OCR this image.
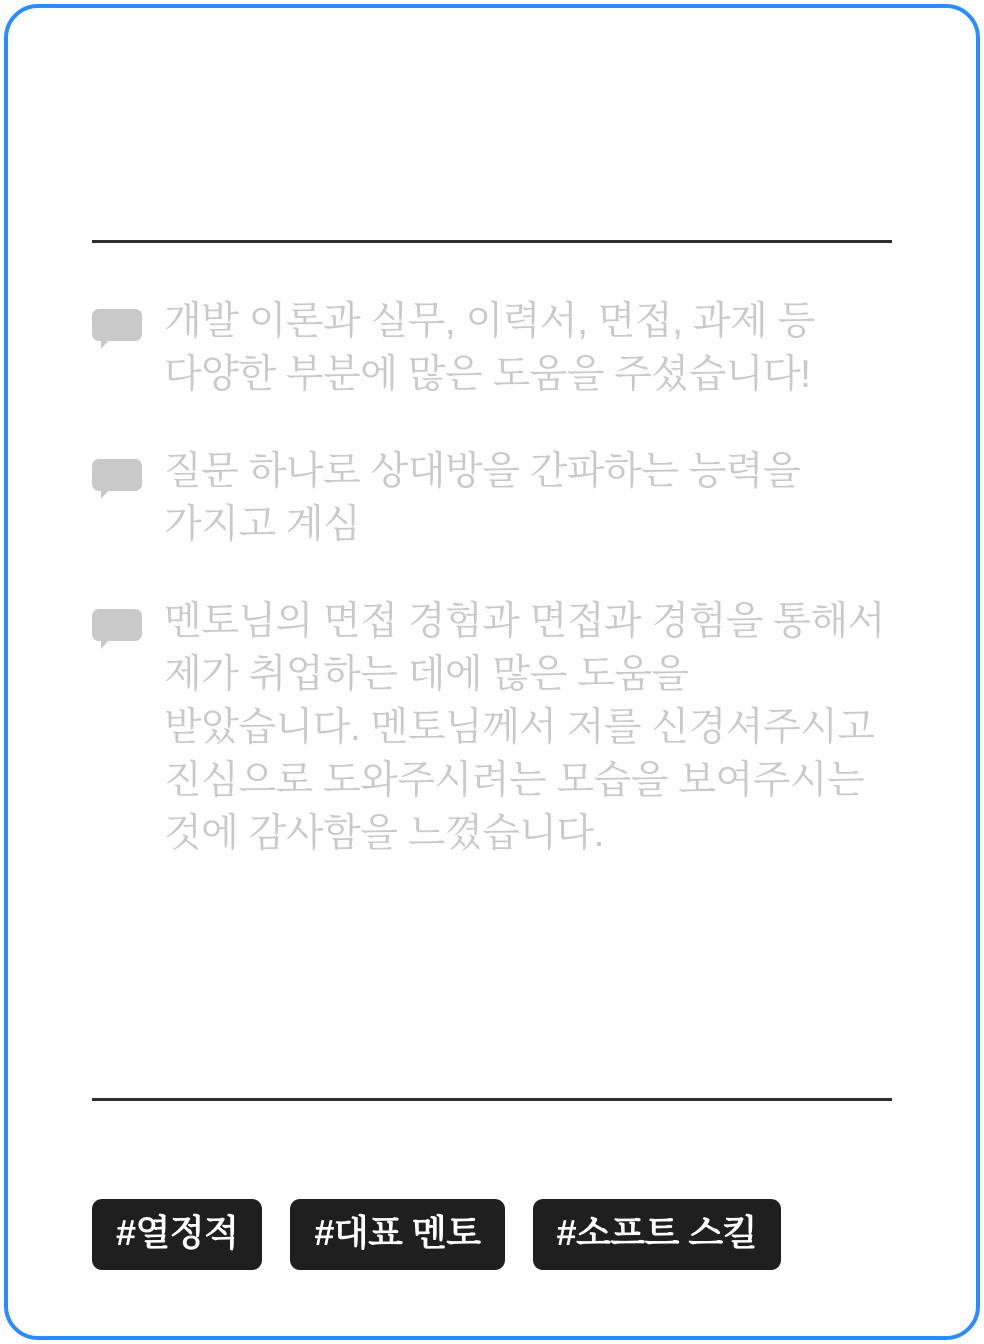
개발 이론과 실무, 이력서, 면접, 과제 등 다양한 부분에 많은 도움을 주셨습니다!
질문 하나로 상대방을 간파하는 능력을 가지고 계심
멘토님의 면접 경험과 면접과 경험을 통해서 제가 취업하는 데에 많은 도움을 받았습니다. 멘토님께서 저를 신경셔주시고 진심으로 도와주시려는 모습을 보여주시는 것에 감사함을 느꼈습니다.
#열정적	#대표 멘토	#소프트 스킬
